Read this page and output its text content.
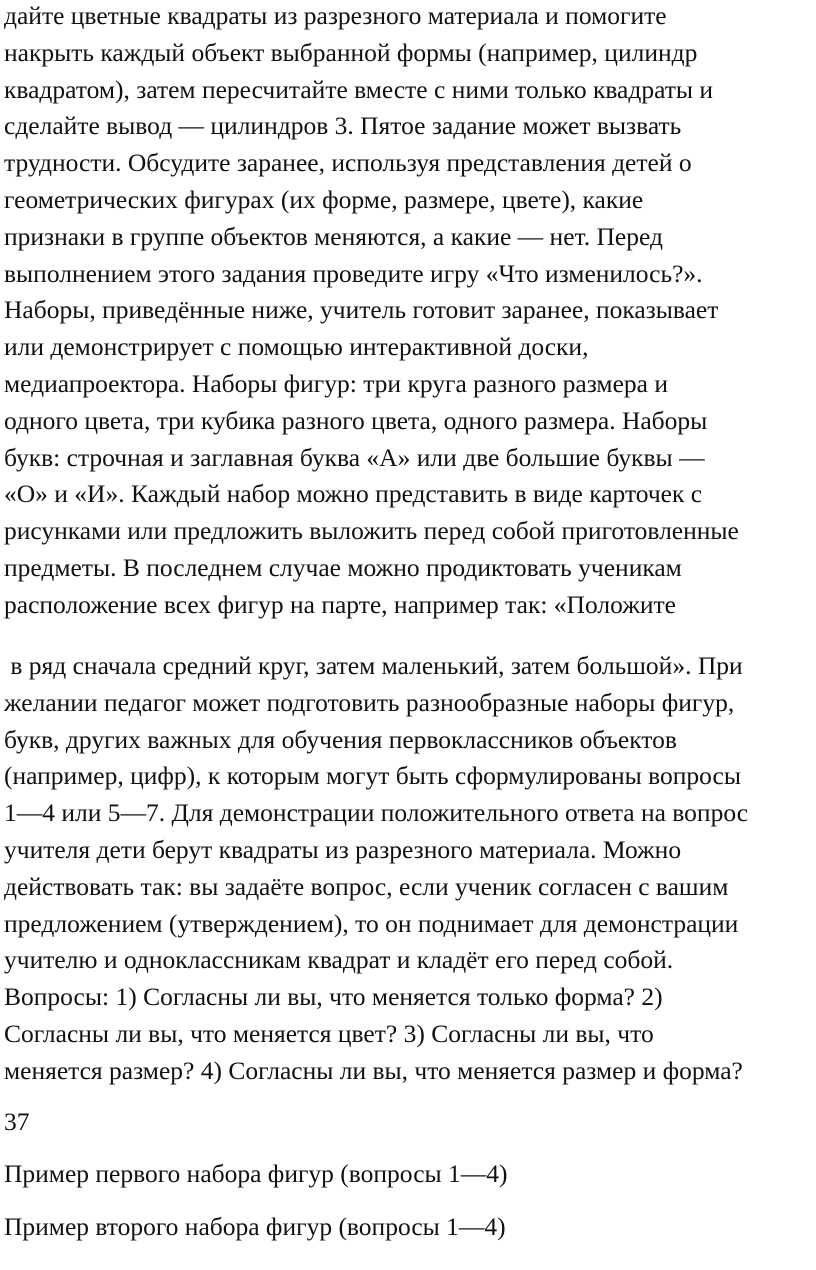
дайте цветные квадраты из разрезного материала и помогите
накрыть каждый объект выбранной формы (например, цилиндр
квадратом), затем пересчитайте вместе с ними только квадраты и
сделайте вывод — цилиндров 3. Пятое задание может вызвать
трудности. Обсудите заранее, используя представления детей о
геометрических фигурах (их форме, размере, цвете), какие
признаки в группе объектов меняются, а какие — нет. Перед
выполнением этого задания проведите игру «Что изменилось?».
Наборы, приведённые ниже, учитель готовит заранее, показывает
или демонстрирует с помощью интерактивной доски,
медиапроектора. Наборы фигур: три круга разного размера и
одного цвета, три кубика разного цвета, одного размера. Наборы
букв: строчная и заглавная буква «А» или две большие буквы —
«О» и «И». Каждый набор можно представить в виде карточек с
рисунками или предложить выложить перед собой приготовленные
предметы. В последнем случае можно продиктовать ученикам
расположение всех фигур на парте, например так: «Положите

в ряд сначала средний круг, затем маленький, затем большой». При
желании педагог может подготовить разнообразные наборы фигур,
букв, других важных для обучения первоклассников объектов
(например, цифр), к которым могут быть сформулированы вопросы
1—4 или 5—7. Для демонстрации положительного ответа на вопрос
учителя дети берут квадраты из разрезного материала. Можно
действовать так: вы задаёте вопрос, если ученик согласен с вашим
предложением (утверждением), то он поднимает для демонстрации
учителю и одноклассникам квадрат и кладёт его перед собой.
Вопросы: 1) Согласны ли вы, что меняется только форма? 2)
Согласны ли вы, что меняется цвет? 3) Согласны ли вы, что
меняется размер? 4) Согласны ли вы, что меняется размер и форма?

37

Пример первого набора фигур (вопросы 1—4)

Пример второго набора фигур (вопросы 1—4)
